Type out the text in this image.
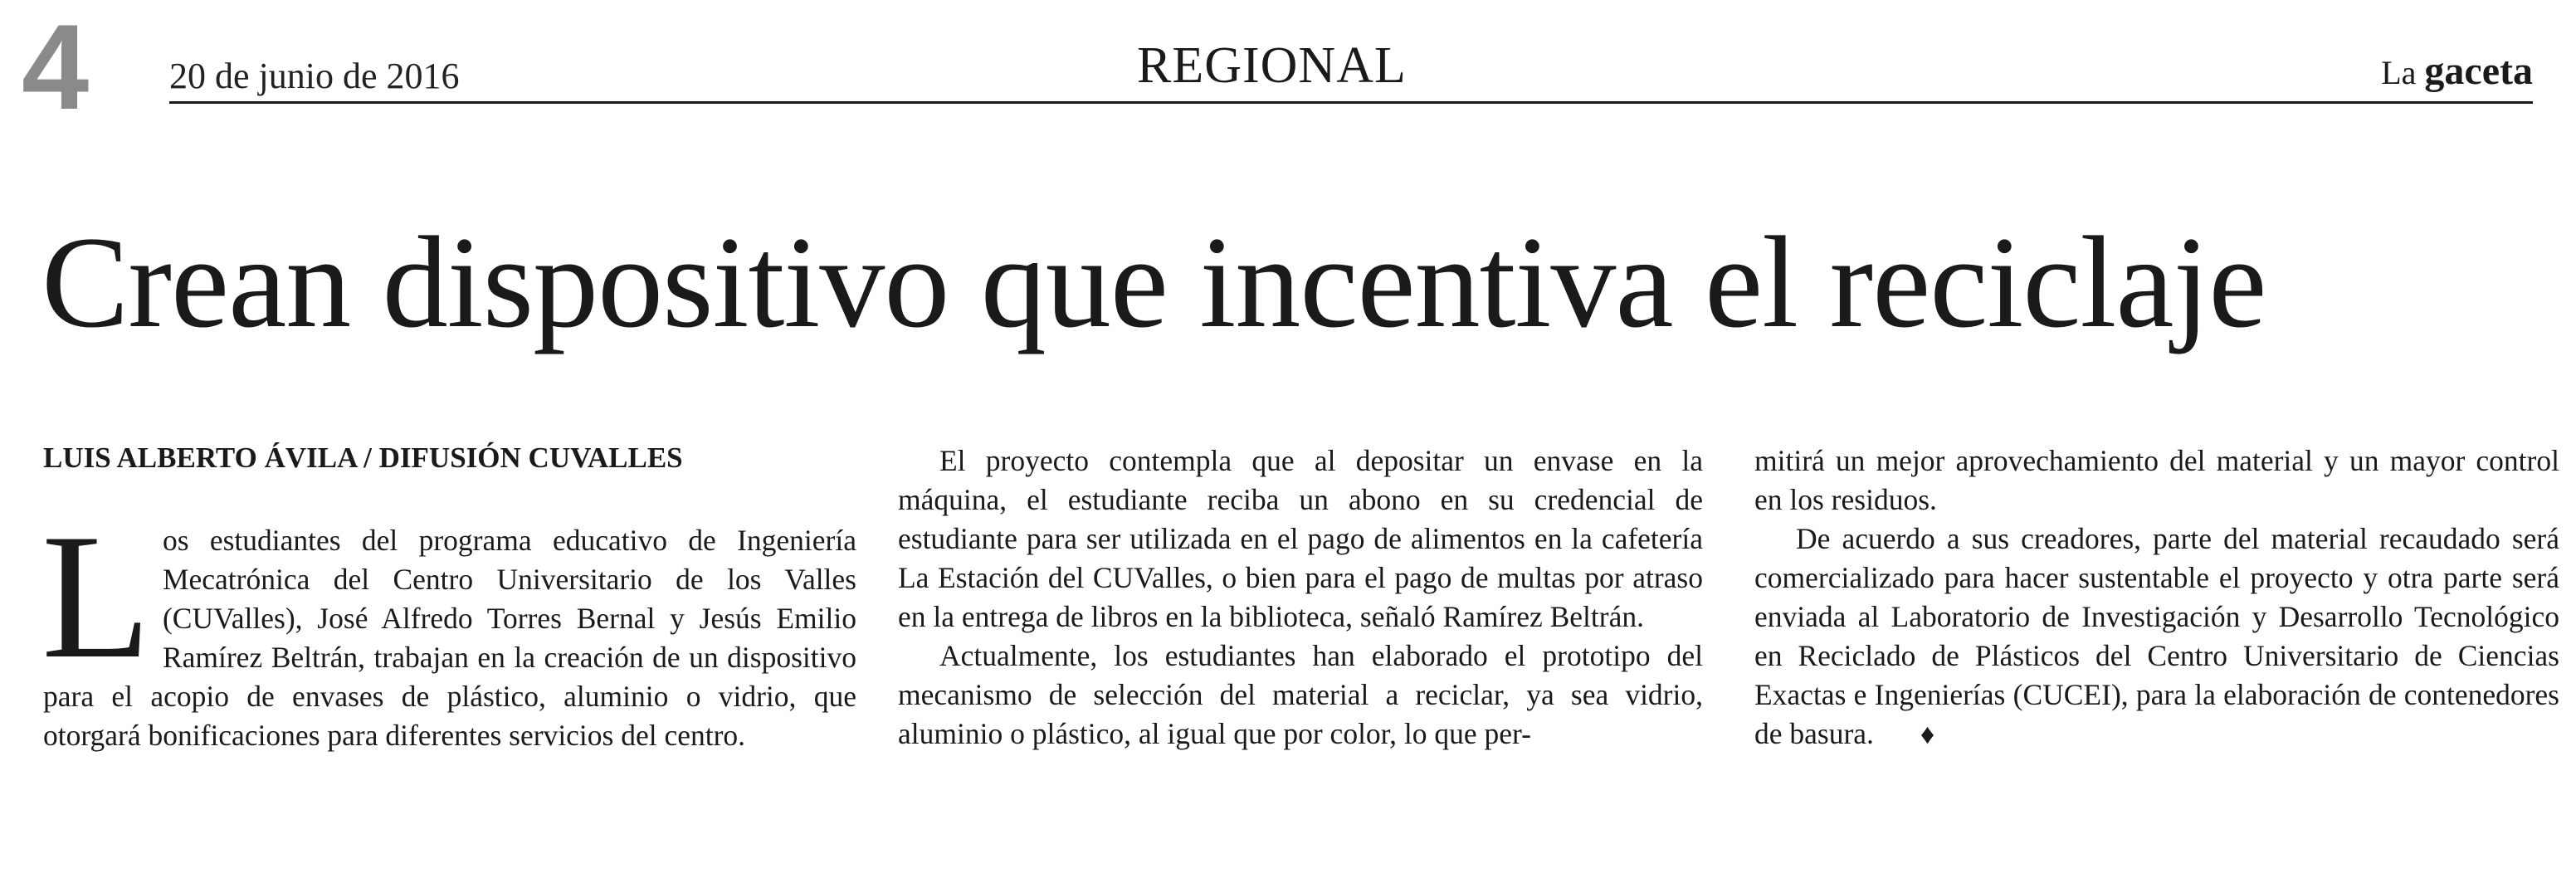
4 20 de junio de 2016	REGIONAL	La gaceta
Crean dispositivo que incentiva el reciclaje
LUIS ALBERTO ÁVILA / DIFUSIÓN CUVALLES

Los estudiantes del programa educativo de Ingeniería Mecatrónica del Centro Universitario de los Valles (CUValles), José Alfredo Torres Bernal y Jesús Emilio Ramírez Beltrán, trabajan en la creación de un dispositivo para el acopio de envases de plástico, aluminio o vidrio, que otorgará bonificaciones para diferentes servicios del centro.

El proyecto contempla que al depositar un envase en la máquina, el estudiante reciba un abono en su credencial de estudiante para ser utilizada en el pago de alimentos en la cafetería La Estación del CUValles, o bien para el pago de multas por atraso en la entrega de libros en la biblioteca, señaló Ramírez Beltrán.

Actualmente, los estudiantes han elaborado el prototipo del mecanismo de selección del material a reciclar, ya sea vidrio, aluminio o plástico, al igual que por color, lo que per-

mitirá un mejor aprovechamiento del material y un mayor control en los residuos.

De acuerdo a sus creadores, parte del material recaudado será comercializado para hacer sustentable el proyecto y otra parte será enviada al Laboratorio de Investigación y Desarrollo Tecnológico en Reciclado de Plásticos del Centro Universitario de Ciencias Exactas e Ingenierías (CUCEI), para la elaboración de contenedores de basura. ♦
